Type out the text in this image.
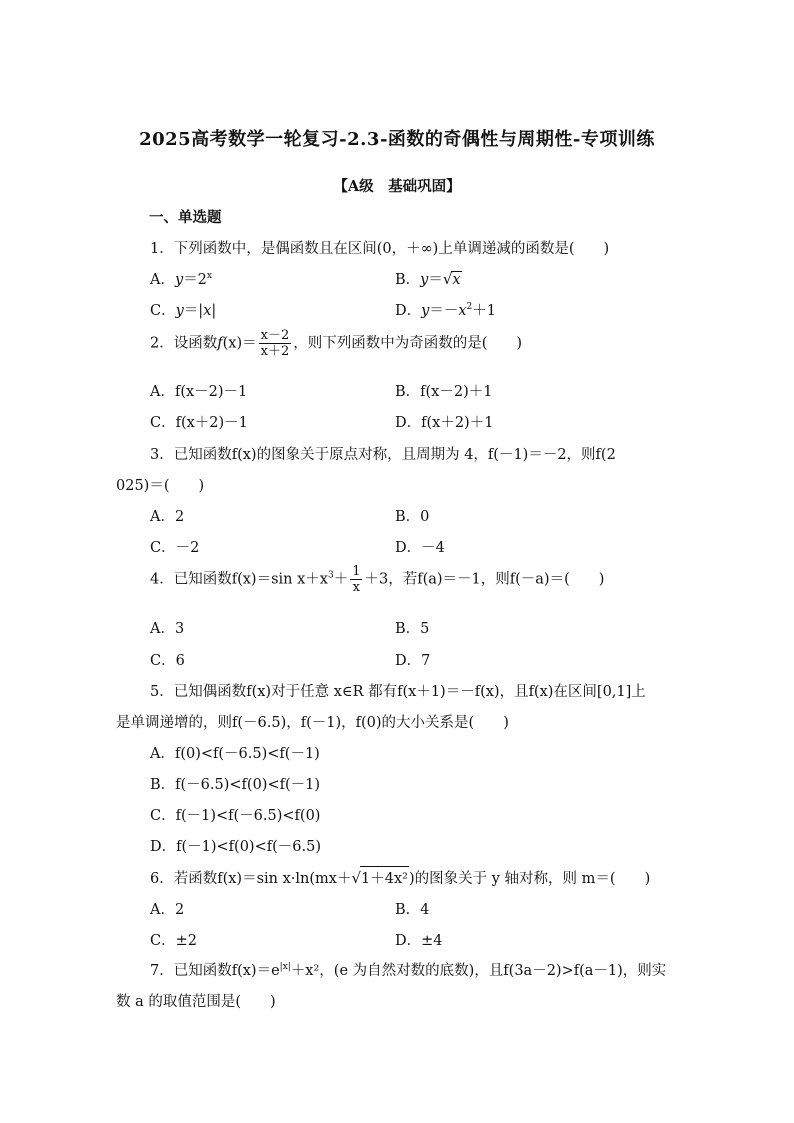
2025高考数学一轮复习-2.3-函数的奇偶性与周期性-专项训练
【A级　基础巩固】
一、单选题
1．下列函数中，是偶函数且在区间(0，＋∞)上单调递减的函数是(　　)
A．$y=2^x$	B．y＝√x
C．y＝|x|	D．$y=-x^2+1$
2．设函数$f(x)= \frac{x-2}{x+2}$ ，则下列函数中为奇函数的是(　　)
A．f(x－2)－1	B．f(x－2)＋1
C．f(x＋2)－1	D．f(x＋2)＋1
3．已知函数f(x)的图象关于原点对称，且周期为 4，f(－1)＝－2，则f(2
025)＝(　　)
A．2	B．0
C．－2	D．－4
4．已知函数f(x)＝sin $x+x^3+ \frac{1}{x} +3$，若f(a)＝－1，则f(－a)＝(　　)
A．3	B．5
C．6	D．7
5．已知偶函数f(x)对于任意 x∈R 都有f(x＋1)＝－f(x)，且f(x)在区间[0,1]上
是单调递增的，则f(－6.5)，f(－1)，f(0)的大小关系是(　　)
A．f(0)<f(－6.5)<f(－1)
B．f(－6.5)<f(0)<f(－1)
C．f(－1)<f(－6.5)<f(0)
D．f(－1)<f(0)<f(－6.5)
6．若函数f(x)＝sin x·ln(mx＋√1＋4x²)的图象关于 y 轴对称，则 m＝(　　)
A．2	B．4
C．±2	D．±4
7．已知函数$f(x)=e^{|x|}+x^2$，(e 为自然对数的底数)，且f(3a－2)>f(a－1)，则实
数 a 的取值范围是(　　)
